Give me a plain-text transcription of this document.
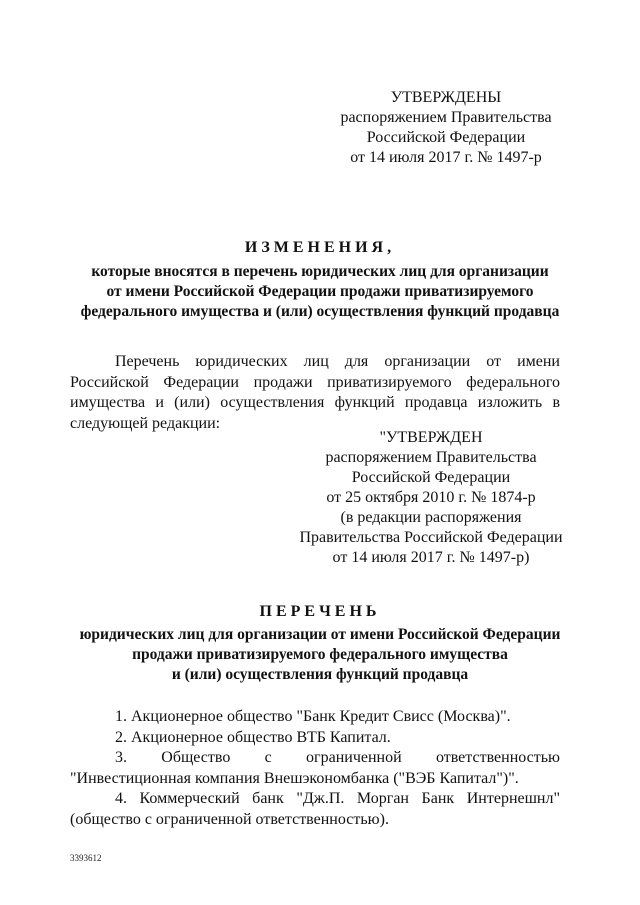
УТВЕРЖДЕНЫ
распоряжением Правительства
Российской Федерации
от 14 июля 2017 г. № 1497-р
ИЗМЕНЕНИЯ,
которые вносятся в перечень юридических лиц для организации
от имени Российской Федерации продажи приватизируемого
федерального имущества и (или) осуществления функций продавца
Перечень юридических лиц для организации от имени Российской Федерации продажи приватизируемого федерального имущества и (или) осуществления функций продавца изложить в следующей редакции:
"УТВЕРЖДЕН
распоряжением Правительства
Российской Федерации
от 25 октября 2010 г. № 1874-р
(в редакции распоряжения
Правительства Российской Федерации
от 14 июля 2017 г. № 1497-р)
ПЕРЕЧЕНЬ
юридических лиц для организации от имени Российской Федерации
продажи приватизируемого федерального имущества
и (или) осуществления функций продавца
1. Акционерное общество "Банк Кредит Свисс (Москва)".
2. Акционерное общество ВТБ Капитал.
3. Общество с ограниченной ответственностью "Инвестиционная компания Внешэкономбанка ("ВЭБ Капитал")".
4. Коммерческий банк "Дж.П. Морган Банк Интернешнл" (общество с ограниченной ответственностью).
3393612
